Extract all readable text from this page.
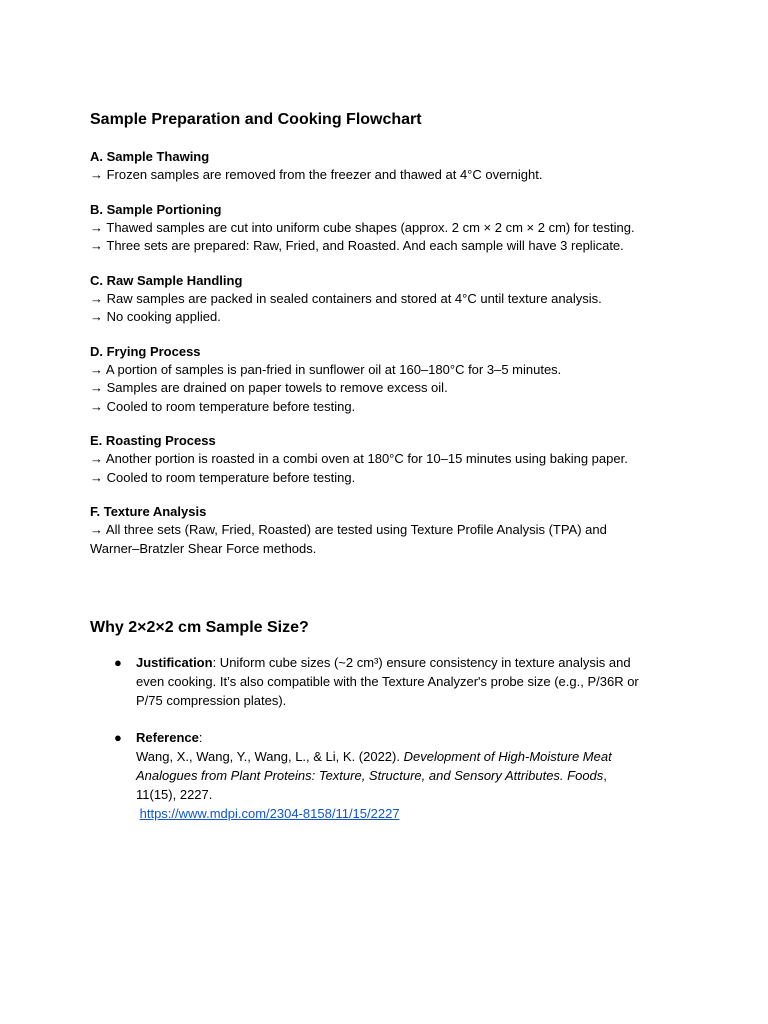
Sample Preparation and Cooking Flowchart
A. Sample Thawing
→ Frozen samples are removed from the freezer and thawed at 4°C overnight.
B. Sample Portioning
→ Thawed samples are cut into uniform cube shapes (approx. 2 cm × 2 cm × 2 cm) for testing.
→ Three sets are prepared: Raw, Fried, and Roasted. And each sample will have 3 replicate.
C. Raw Sample Handling
→ Raw samples are packed in sealed containers and stored at 4°C until texture analysis.
→ No cooking applied.
D. Frying Process
→ A portion of samples is pan-fried in sunflower oil at 160–180°C for 3–5 minutes.
→ Samples are drained on paper towels to remove excess oil.
→ Cooled to room temperature before testing.
E. Roasting Process
→ Another portion is roasted in a combi oven at 180°C for 10–15 minutes using baking paper.
→ Cooled to room temperature before testing.
F. Texture Analysis
→ All three sets (Raw, Fried, Roasted) are tested using Texture Profile Analysis (TPA) and
Warner–Bratzler Shear Force methods.
Why 2×2×2 cm Sample Size?
● Justification: Uniform cube sizes (~2 cm³) ensure consistency in texture analysis and
even cooking. It’s also compatible with the Texture Analyzer's probe size (e.g., P/36R or
P/75 compression plates).
● Reference:
Wang, X., Wang, Y., Wang, L., & Li, K. (2022). Development of High-Moisture Meat
Analogues from Plant Proteins: Texture, Structure, and Sensory Attributes. Foods,
11(15), 2227.
https://www.mdpi.com/2304-8158/11/15/2227
